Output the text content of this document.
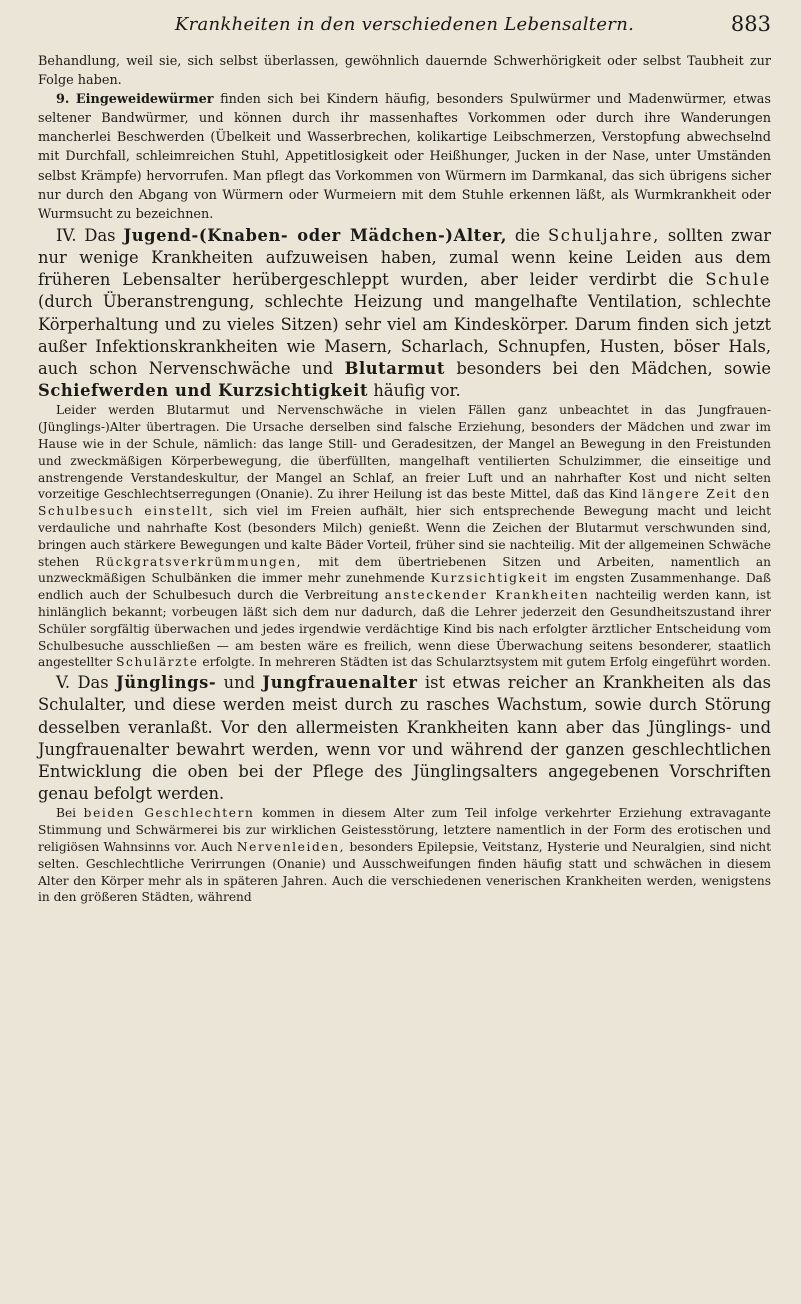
Krankheiten in den verschiedenen Lebensaltern.	883

Behandlung, weil sie, sich selbst überlassen, gewöhnlich dauernde Schwerhörigkeit oder selbst Taubheit zur Folge haben.

9. Eingeweidewürmer finden sich bei Kindern häufig, besonders Spulwürmer und Madenwürmer, etwas seltener Bandwürmer, und können durch ihr massenhaftes Vorkommen oder durch ihre Wanderungen mancherlei Beschwerden (Übelkeit und Wasserbrechen, kolikartige Leibschmerzen, Verstopfung abwechselnd mit Durchfall, schleimreichen Stuhl, Appetitlosigkeit oder Heißhunger, Jucken in der Nase, unter Umständen selbst Krämpfe) hervorrufen. Man pflegt das Vorkommen von Würmern im Darmkanal, das sich übrigens sicher nur durch den Abgang von Würmern oder Wurmeiern mit dem Stuhle erkennen läßt, als Wurmkrankheit oder Wurmsucht zu bezeichnen.

IV. Das Jugend-(Knaben- oder Mädchen-)Alter, die Schuljahre, sollten zwar nur wenige Krankheiten aufzuweisen haben, zumal wenn keine Leiden aus dem früheren Lebensalter herübergeschleppt wurden, aber leider verdirbt die Schule (durch Überanstrengung, schlechte Heizung und mangelhafte Ventilation, schlechte Körperhaltung und zu vieles Sitzen) sehr viel am Kindeskörper. Darum finden sich jetzt außer Infektionskrankheiten wie Masern, Scharlach, Schnupfen, Husten, böser Hals, auch schon Nervenschwäche und Blutarmut besonders bei den Mädchen, sowie Schiefwerden und Kurzsichtigkeit häufig vor.

Leider werden Blutarmut und Nervenschwäche in vielen Fällen ganz unbeachtet in das Jungfrauen-(Jünglings-)Alter übertragen. Die Ursache derselben sind falsche Erziehung, besonders der Mädchen und zwar im Hause wie in der Schule, nämlich: das lange Still- und Geradesitzen, der Mangel an Bewegung in den Freistunden und zweckmäßigen Körperbewegung, die überfüllten, mangelhaft ventilierten Schulzimmer, die einseitige und anstrengende Verstandeskultur, der Mangel an Schlaf, an freier Luft und an nahrhafter Kost und nicht selten vorzeitige Geschlechtserregungen (Onanie). Zu ihrer Heilung ist das beste Mittel, daß das Kind längere Zeit den Schulbesuch einstellt, sich viel im Freien aufhält, hier sich entsprechende Bewegung macht und leicht verdauliche und nahrhafte Kost (besonders Milch) genießt. Wenn die Zeichen der Blutarmut verschwunden sind, bringen auch stärkere Bewegungen und kalte Bäder Vorteil, früher sind sie nachteilig. Mit der allgemeinen Schwäche stehen Rückgratsverkrümmungen, mit dem übertriebenen Sitzen und Arbeiten, namentlich an unzweckmäßigen Schulbänken die immer mehr zunehmende Kurzsichtigkeit im engsten Zusammenhange. Daß endlich auch der Schulbesuch durch die Verbreitung ansteckender Krankheiten nachteilig werden kann, ist hinlänglich bekannt; vorbeugen läßt sich dem nur dadurch, daß die Lehrer jederzeit den Gesundheitszustand ihrer Schüler sorgfältig überwachen und jedes irgendwie verdächtige Kind bis nach erfolgter ärztlicher Entscheidung vom Schulbesuche ausschließen — am besten wäre es freilich, wenn diese Überwachung seitens besonderer, staatlich angestellter Schulärzte erfolgte. In mehreren Städten ist das Schularztsystem mit gutem Erfolg eingeführt worden.

V. Das Jünglings- und Jungfrauenalter ist etwas reicher an Krankheiten als das Schulalter, und diese werden meist durch zu rasches Wachstum, sowie durch Störung desselben veranlaßt. Vor den allermeisten Krankheiten kann aber das Jünglings- und Jungfrauenalter bewahrt werden, wenn vor und während der ganzen geschlechtlichen Entwicklung die oben bei der Pflege des Jünglingsalters angegebenen Vorschriften genau befolgt werden.

Bei beiden Geschlechtern kommen in diesem Alter zum Teil infolge verkehrter Erziehung extravagante Stimmung und Schwärmerei bis zur wirklichen Geistesstörung, letztere namentlich in der Form des erotischen und religiösen Wahnsinns vor. Auch Nervenleiden, besonders Epilepsie, Veitstanz, Hysterie und Neuralgien, sind nicht selten. Geschlechtliche Verirrungen (Onanie) und Ausschweifungen finden häufig statt und schwächen in diesem Alter den Körper mehr als in späteren Jahren. Auch die verschiedenen venerischen Krankheiten werden, wenigstens in den größeren Städten, während
